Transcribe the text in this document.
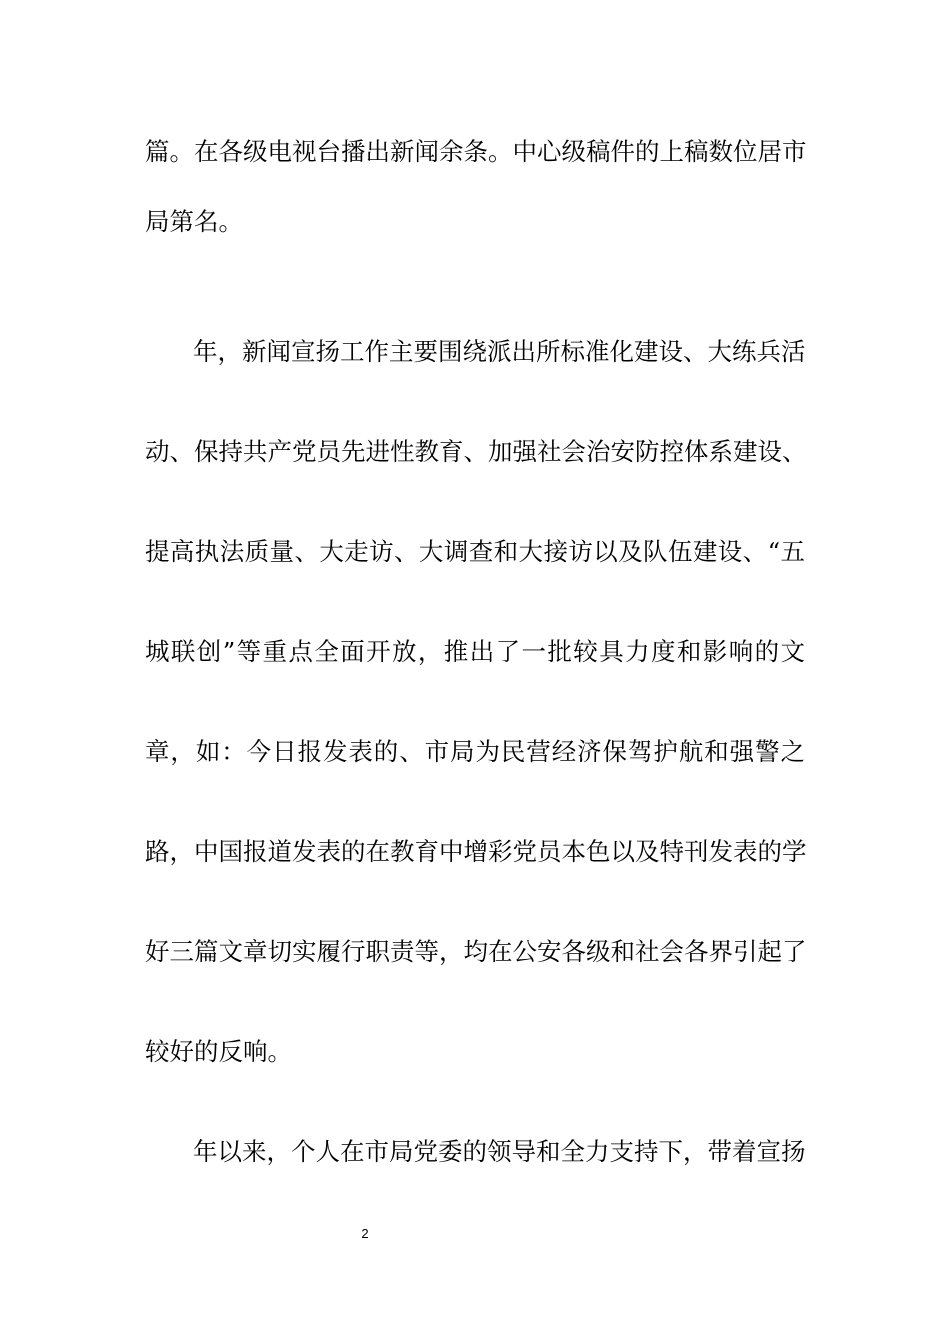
篇。在各级电视台播出新闻余条。中心级稿件的上稿数位居市
局第名。
年，新闻宣扬工作主要围绕派出所标准化建设、大练兵活
动、保持共产党员先进性教育、加强社会治安防控体系建设、
提高执法质量、大走访、大调查和大接访以及队伍建设、“五
城联创”等重点全面开放，推出了一批较具力度和影响的文
章，如：今日报发表的、市局为民营经济保驾护航和强警之
路，中国报道发表的在教育中增彩党员本色以及特刊发表的学
好三篇文章切实履行职责等，均在公安各级和社会各界引起了
较好的反响。
年以来，个人在市局党委的领导和全力支持下，带着宣扬
2
